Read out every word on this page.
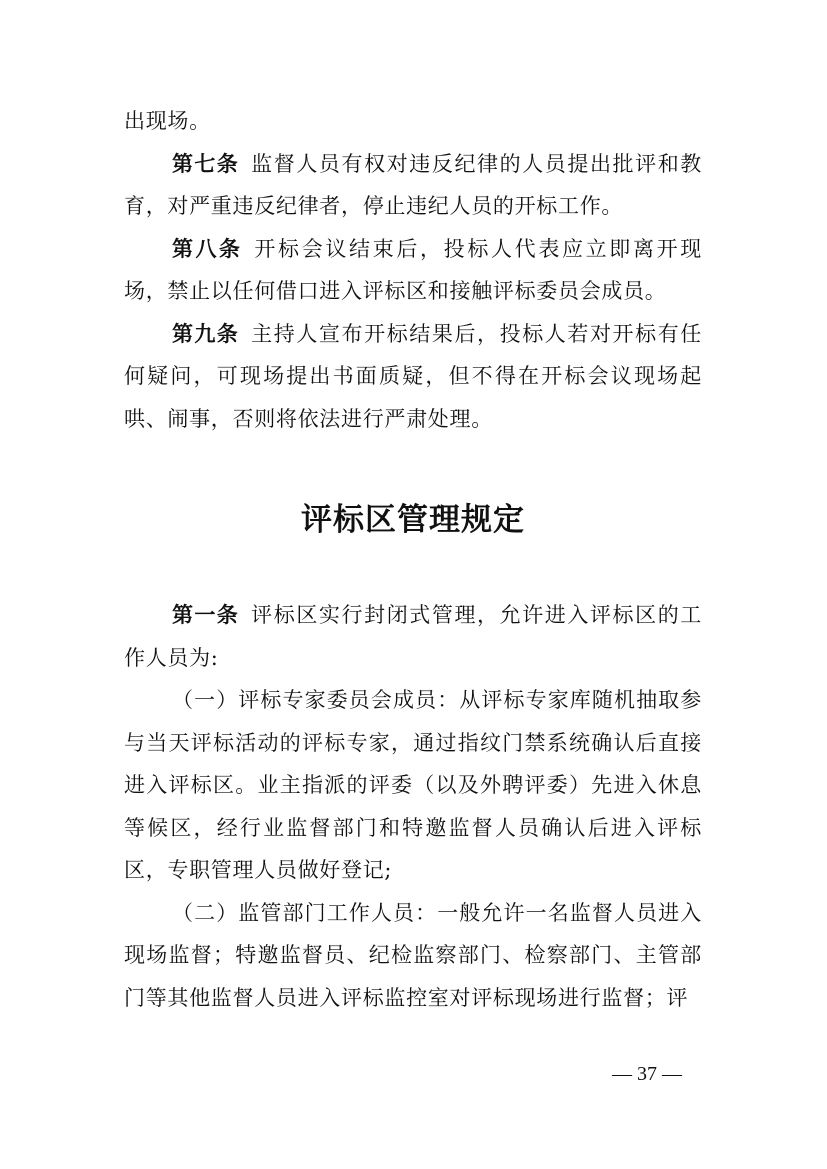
出现场。

第七条 监督人员有权对违反纪律的人员提出批评和教育，对严重违反纪律者，停止违纪人员的开标工作。

第八条 开标会议结束后，投标人代表应立即离开现场，禁止以任何借口进入评标区和接触评标委员会成员。

第九条 主持人宣布开标结果后，投标人若对开标有任何疑问，可现场提出书面质疑，但不得在开标会议现场起哄、闹事，否则将依法进行严肃处理。

评标区管理规定

第一条 评标区实行封闭式管理，允许进入评标区的工作人员为:

（一）评标专家委员会成员：从评标专家库随机抽取参与当天评标活动的评标专家，通过指纹门禁系统确认后直接进入评标区。业主指派的评委（以及外聘评委）先进入休息等候区，经行业监督部门和特邀监督人员确认后进入评标区，专职管理人员做好登记;

（二）监管部门工作人员：一般允许一名监督人员进入现场监督；特邀监督员、纪检监察部门、检察部门、主管部门等其他监督人员进入评标监控室对评标现场进行监督；评

— 37 —
